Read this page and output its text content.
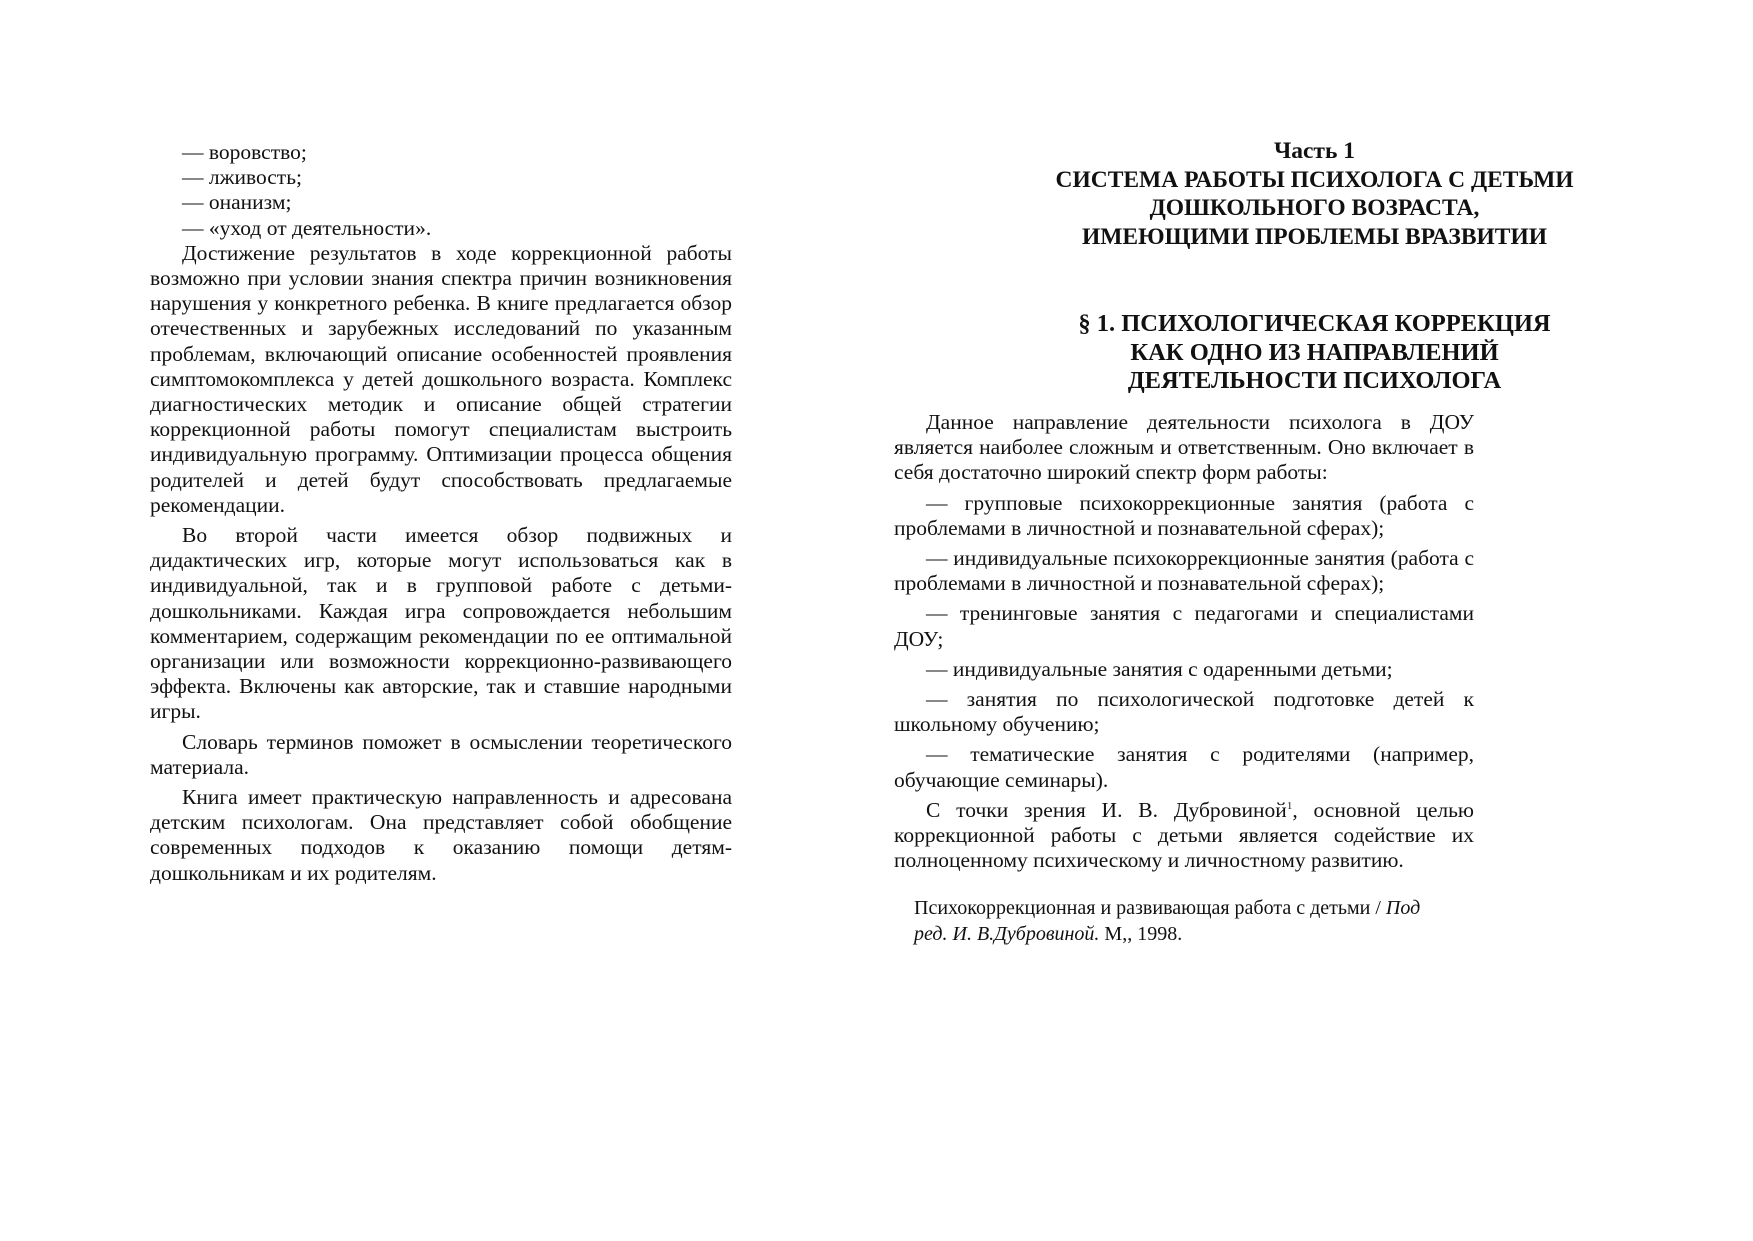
— воровство;

— лживость;

— онанизм;

— «уход от деятельности».

Достижение результатов в ходе коррекционной работы возможно при условии знания спектра причин возникновения нарушения у конкретного ребенка. В книге предлагается обзор отечественных и зарубежных исследований по указанным проблемам, включающий описание особенностей проявления симптомокомплекса у детей дошкольного возраста. Комплекс диагностических методик и описание общей стратегии коррекционной работы помогут специалистам выстроить индивидуальную программу. Оптимизации процесса общения родителей и детей будут способствовать предлагаемые рекомендации.

Во второй части имеется обзор подвижных и дидактических игр, которые могут использоваться как в индивидуальной, так и в групповой работе с детьми-дошкольниками. Каждая игра сопровождается небольшим комментарием, содержащим рекомендации по ее оптимальной организации или возможности коррекционно-развивающего эффекта. Включены как авторские, так и ставшие народными игры.

Словарь терминов поможет в осмыслении теоретического материала.

Книга имеет практическую направленность и адресована детским психологам. Она представляет собой обобщение современных подходов к оказанию помощи детям-дошкольникам и их родителям.

Часть 1
СИСТЕМА РАБОТЫ ПСИХОЛОГА С ДЕТЬМИ
ДОШКОЛЬНОГО ВОЗРАСТА,
ИМЕЮЩИМИ ПРОБЛЕМЫ ВРАЗВИТИИ
§ 1. ПСИХОЛОГИЧЕСКАЯ КОРРЕКЦИЯ
КАК ОДНО ИЗ НАПРАВЛЕНИЙ
ДЕЯТЕЛЬНОСТИ ПСИХОЛОГА

Данное направление деятельности психолога в ДОУ является наиболее сложным и ответственным. Оно включает в себя достаточно широкий спектр форм работы:

— групповые психокоррекционные занятия (работа с проблемами в личностной и познавательной сферах);

— индивидуальные психокоррекционные занятия (работа с проблемами в личностной и познавательной сферах);

— тренинговые занятия с педагогами и специалистами ДОУ;

— индивидуальные занятия с одаренными детьми;

— занятия по психологической подготовке детей к школьному обучению;

— тематические занятия с родителями (например, обучающие семинары).

С точки зрения И. В. Дубровиной$^1$, основной целью коррекционной работы с детьми является содействие их полноценному психическому и личностному развитию.

Психокоррекционная и развивающая работа с детьми / Под ред. И. В.Дубровиной. М,, 1998.
